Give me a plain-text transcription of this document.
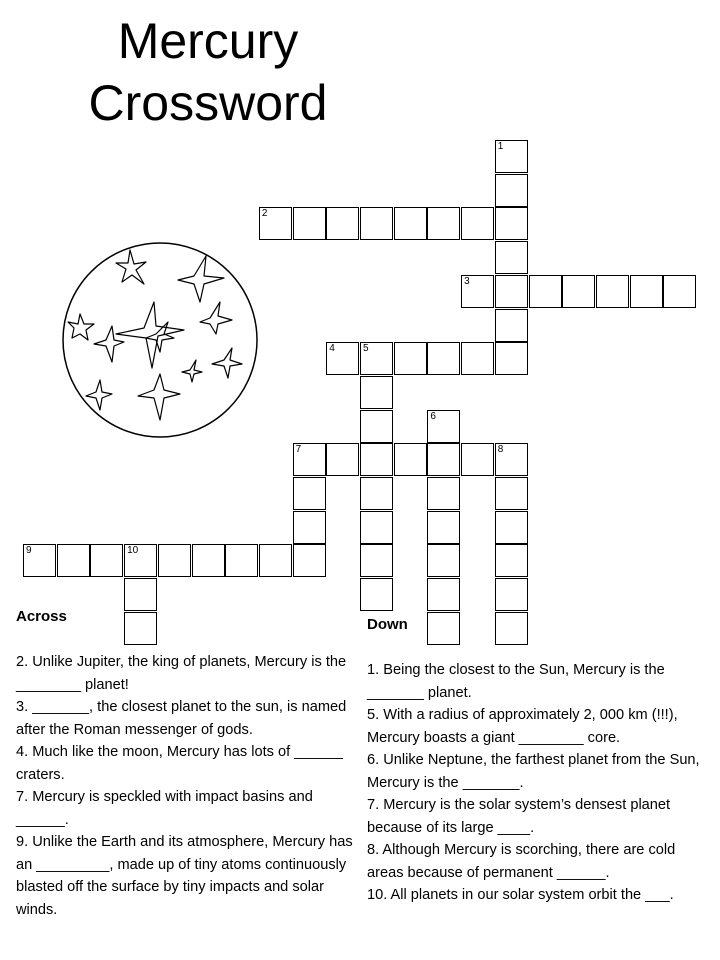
Mercury
Crossword
1
2
3
4	5
6
7	8
9	10
Across

2. Unlike Jupiter, the king of planets, Mercury is the ________ planet!

3. _______, the closest planet to the sun, is named after the Roman messenger of gods.

4. Much like the moon, Mercury has lots of ______ craters.

7. Mercury is speckled with impact basins and ______.

9. Unlike the Earth and its atmosphere, Mercury has an _________, made up of tiny atoms continuously blasted off the surface by tiny impacts and solar winds.

Down

1. Being the closest to the Sun, Mercury is the _______ planet.

5. With a radius of approximately 2, 000 km (!!!), Mercury boasts a giant ________ core.

6. Unlike Neptune, the farthest planet from the Sun, Mercury is the _______.

7. Mercury is the solar system’s densest planet because of its large ____.

8. Although Mercury is scorching, there are cold areas because of permanent ______.

10. All planets in our solar system orbit the ___.
